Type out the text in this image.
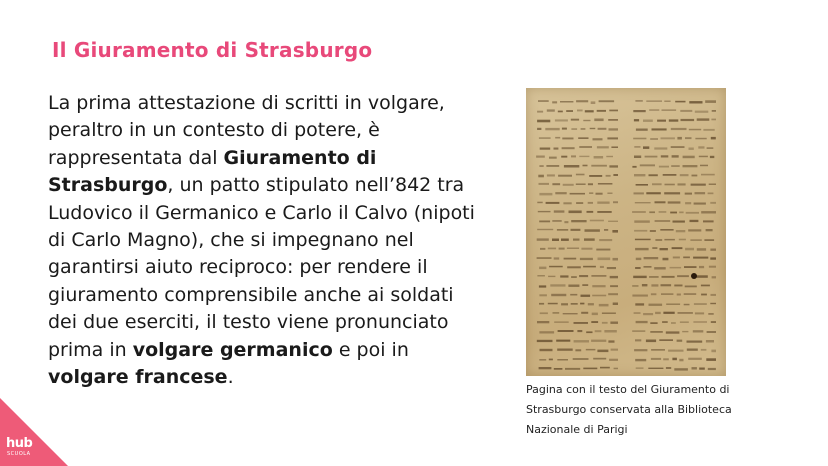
Il Giuramento di Strasburgo
La prima attestazione di scritti in volgare, peraltro in un contesto di potere, è rappresentata dal Giuramento di Strasburgo, un patto stipulato nell’842 tra Ludovico il Germanico e Carlo il Calvo (nipoti di Carlo Magno), che si impegnano nel garantirsi aiuto reciproco: per rendere il giuramento comprensibile anche ai soldati dei due eserciti, il testo viene pronunciato prima in volgare germanico e poi in volgare francese.
Pagina con il testo del Giuramento di Strasburgo conservata alla Biblioteca Nazionale di Parigi
hub
SCUOLA
